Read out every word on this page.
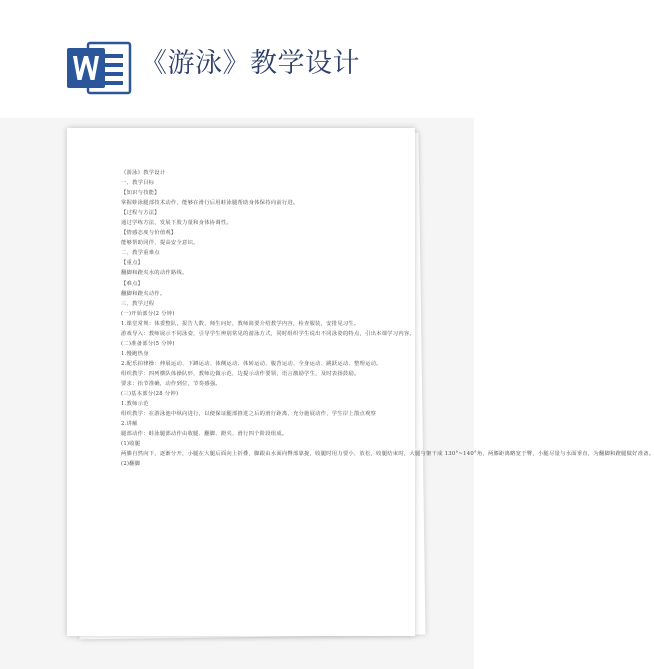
《游泳》教学设计
《游泳》教学设计
一、教学目标
【知识与技能】
掌握蛙泳腿部技术动作，能够在滑行后用蛙泳腿帮助身体保持向前行进。
【过程与方法】
通过学练方法，发展下肢力量和身体协调性。
【情感态度与价值观】
能够帮助同伴，提高安全意识。
二、教学重难点
【重点】
翻脚和蹬夹水的动作路线。
【难点】
翻脚和蹬夹动作。
三、教学过程
(一)开始部分(2 分钟)
1.课堂常规：体委整队，报告人数，师生问好，教师简要介绍教学内容，检查服装，安排见习生。
游戏导入：教师展示不同泳姿，引导学生辨别常见的游泳方式，同时组织学生说出不同泳姿的特点，引出本课学习内容。
(二)准备部分(5 分钟)
1.慢跑热身
2.配乐拍律操：伸展运动、下蹲运动、体侧运动、体转运动、腹背运动、全身运动、跳跃运动、整理运动。
组织教学：四列横队体操队形，教师边做示范，边提示动作要领，语言激励学生，及时表扬鼓励。
要求：抬节准确，动作到位，节奏感强。
(三)基本部分(28 分钟)
1.教师示范
组织教学：在游泳池中纵向进行，以便保证腿部推进之后的滑行距离，充分施展动作，学生岸上散点观察
2.讲解
腿部动作：蛙泳腿部动作由收腿、翻脚、蹬夹、滑行四个阶段组成。
(1)收腿
两膝自然向下，逐渐分开，小腿在大腿后面向上折叠，脚跟由水面向臀部靠拢，收腿时用力要小，放松，收腿结束时，大腿与躯干成 130°~140°角，两膝距离略宽于臀，小腿尽量与水面垂直，为翻脚和蹬腿做好准备。
(2)翻脚
